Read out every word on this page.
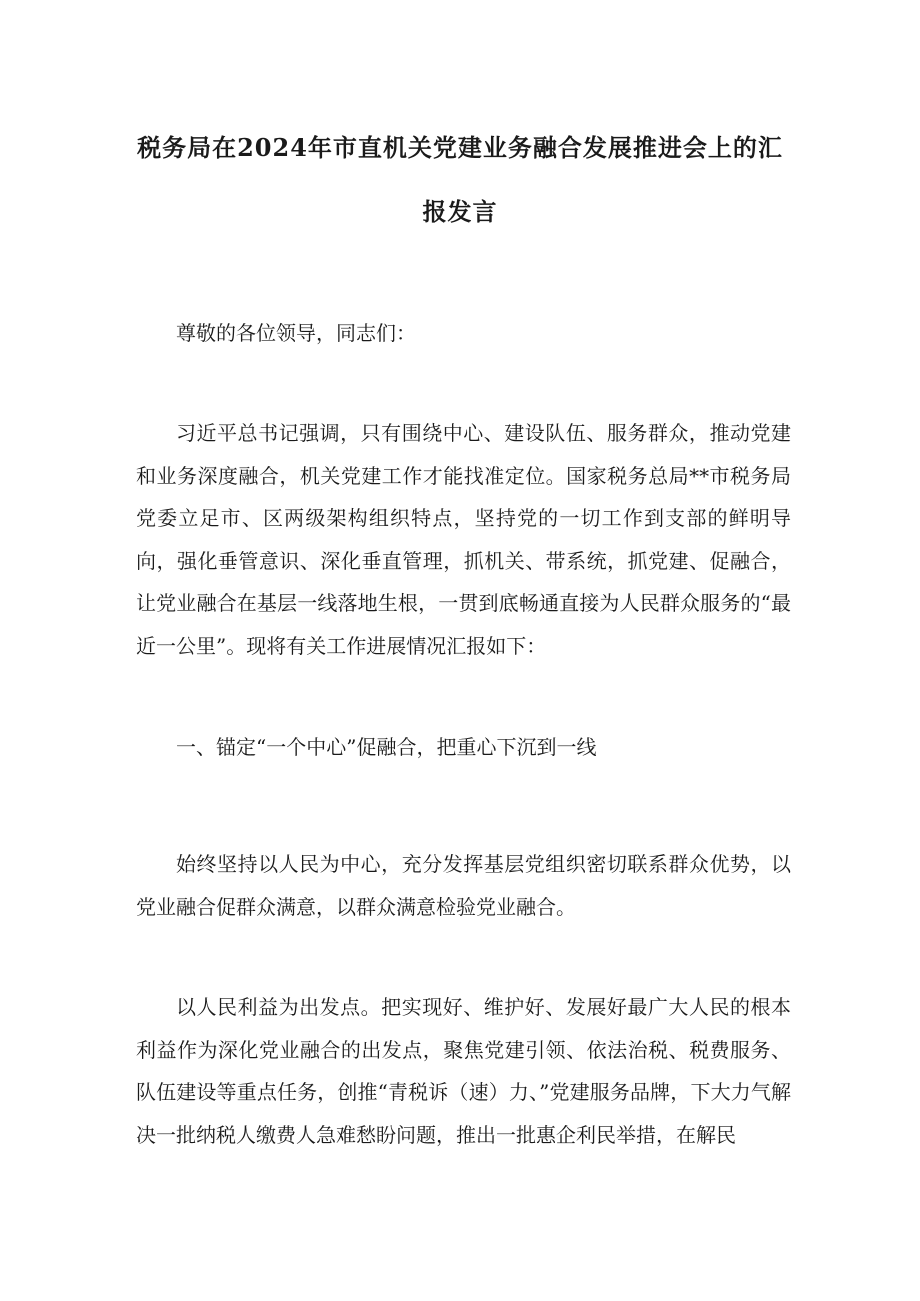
税务局在2024年市直机关党建业务融合发展推进会上的汇
报发言

尊敬的各位领导，同志们：

习近平总书记强调，只有围绕中心、建设队伍、服务群众，推动党建和业务深度融合，机关党建工作才能找准定位。国家税务总局**市税务局党委立足市、区两级架构组织特点，坚持党的一切工作到支部的鲜明导向，强化垂管意识、深化垂直管理，抓机关、带系统，抓党建、促融合，让党业融合在基层一线落地生根，一贯到底畅通直接为人民群众服务的“最近一公里”。现将有关工作进展情况汇报如下：

一、锚定“一个中心”促融合，把重心下沉到一线

始终坚持以人民为中心，充分发挥基层党组织密切联系群众优势，以党业融合促群众满意，以群众满意检验党业融合。

以人民利益为出发点。把实现好、维护好、发展好最广大人民的根本利益作为深化党业融合的出发点，聚焦党建引领、依法治税、税费服务、队伍建设等重点任务，创推“青税诉（速）力、”党建服务品牌，下大力气解决一批纳税人缴费人急难愁盼问题，推出一批惠企利民举措，在解民
